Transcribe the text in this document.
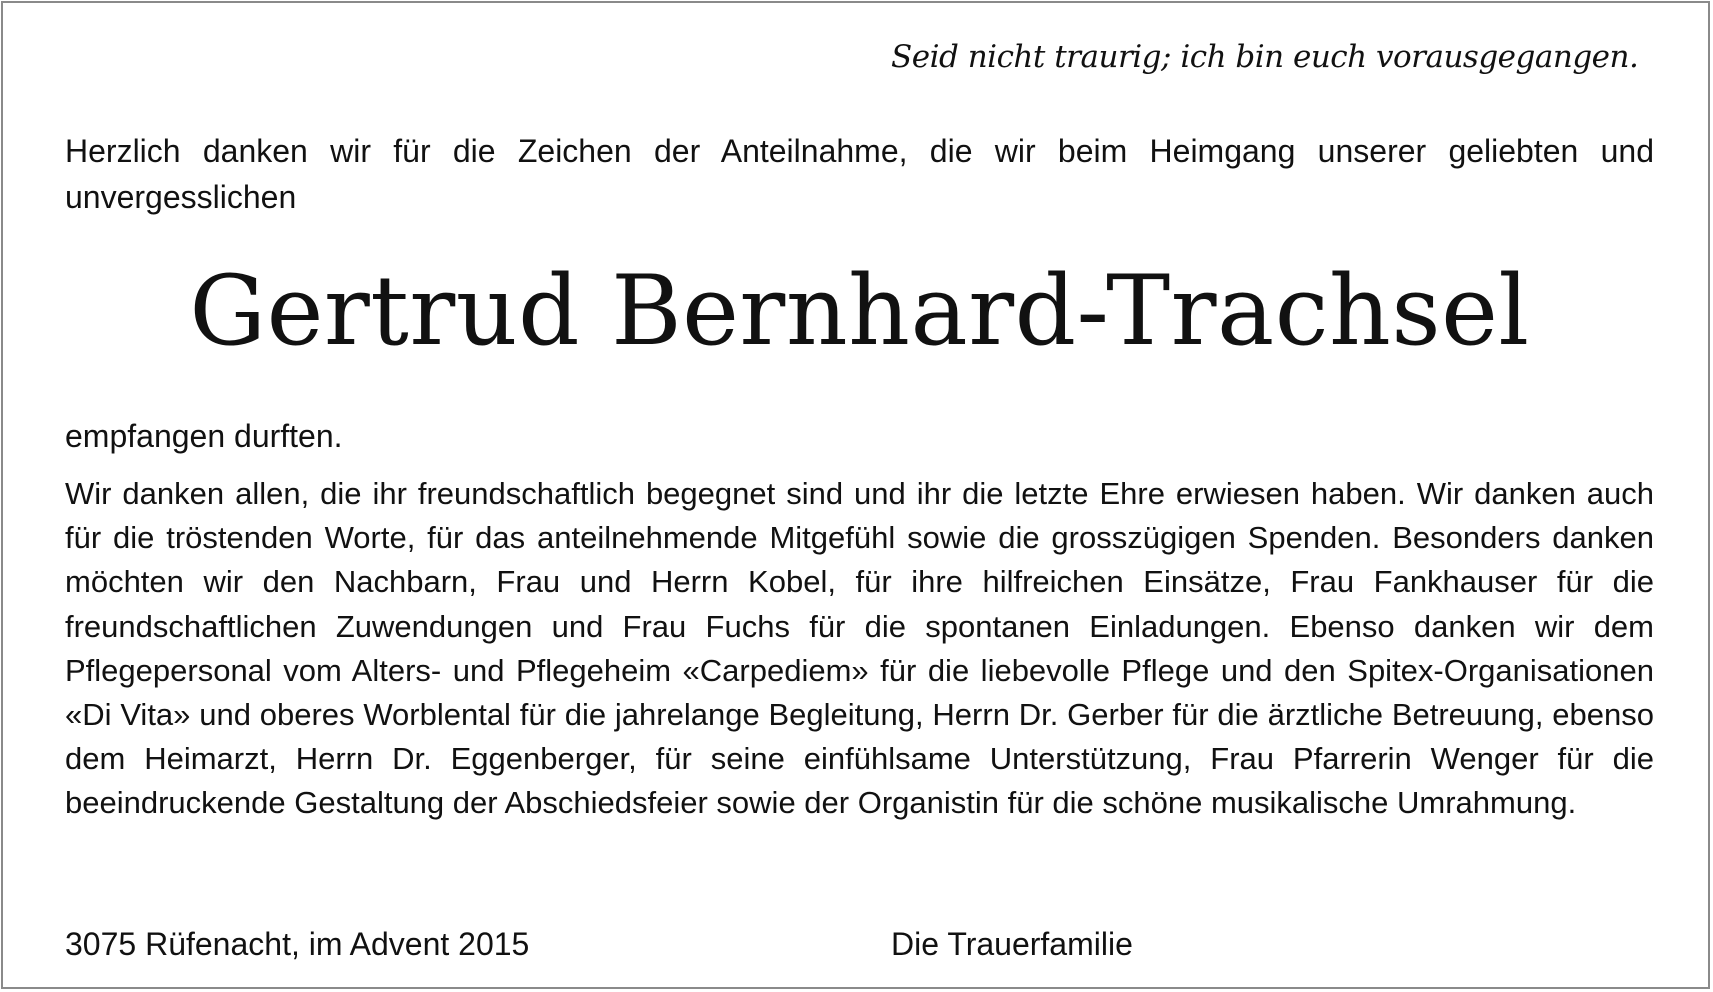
Seid nicht traurig; ich bin euch vorausgegangen.

Herzlich danken wir für die Zeichen der Anteilnahme, die wir beim Heimgang unserer geliebten und unvergesslichen

Gertrud Bernhard-Trachsel

empfangen durften.

Wir danken allen, die ihr freundschaftlich begegnet sind und ihr die letzte Ehre erwiesen haben. Wir danken auch für die tröstenden Worte, für das anteilnehmende Mitgefühl sowie die grosszügigen Spenden. Besonders danken möchten wir den Nachbarn, Frau und Herrn Kobel, für ihre hilfreichen Einsätze, Frau Fankhauser für die freundschaftlichen Zuwendungen und Frau Fuchs für die spontanen Einladungen. Ebenso danken wir dem Pflegepersonal vom Alters- und Pflegeheim «Carpediem» für die liebevolle Pflege und den Spitex-Organisationen «Di Vita» und oberes Worblental für die jahrelange Begleitung, Herrn Dr. Gerber für die ärztliche Betreuung, ebenso dem Heimarzt, Herrn Dr. Eggenberger, für seine einfühlsame Unterstützung, Frau Pfarrerin Wenger für die beeindruckende Gestaltung der Abschiedsfeier sowie der Organistin für die schöne musikalische Umrahmung.

3075 Rüfenacht, im Advent 2015	Die Trauerfamilie
